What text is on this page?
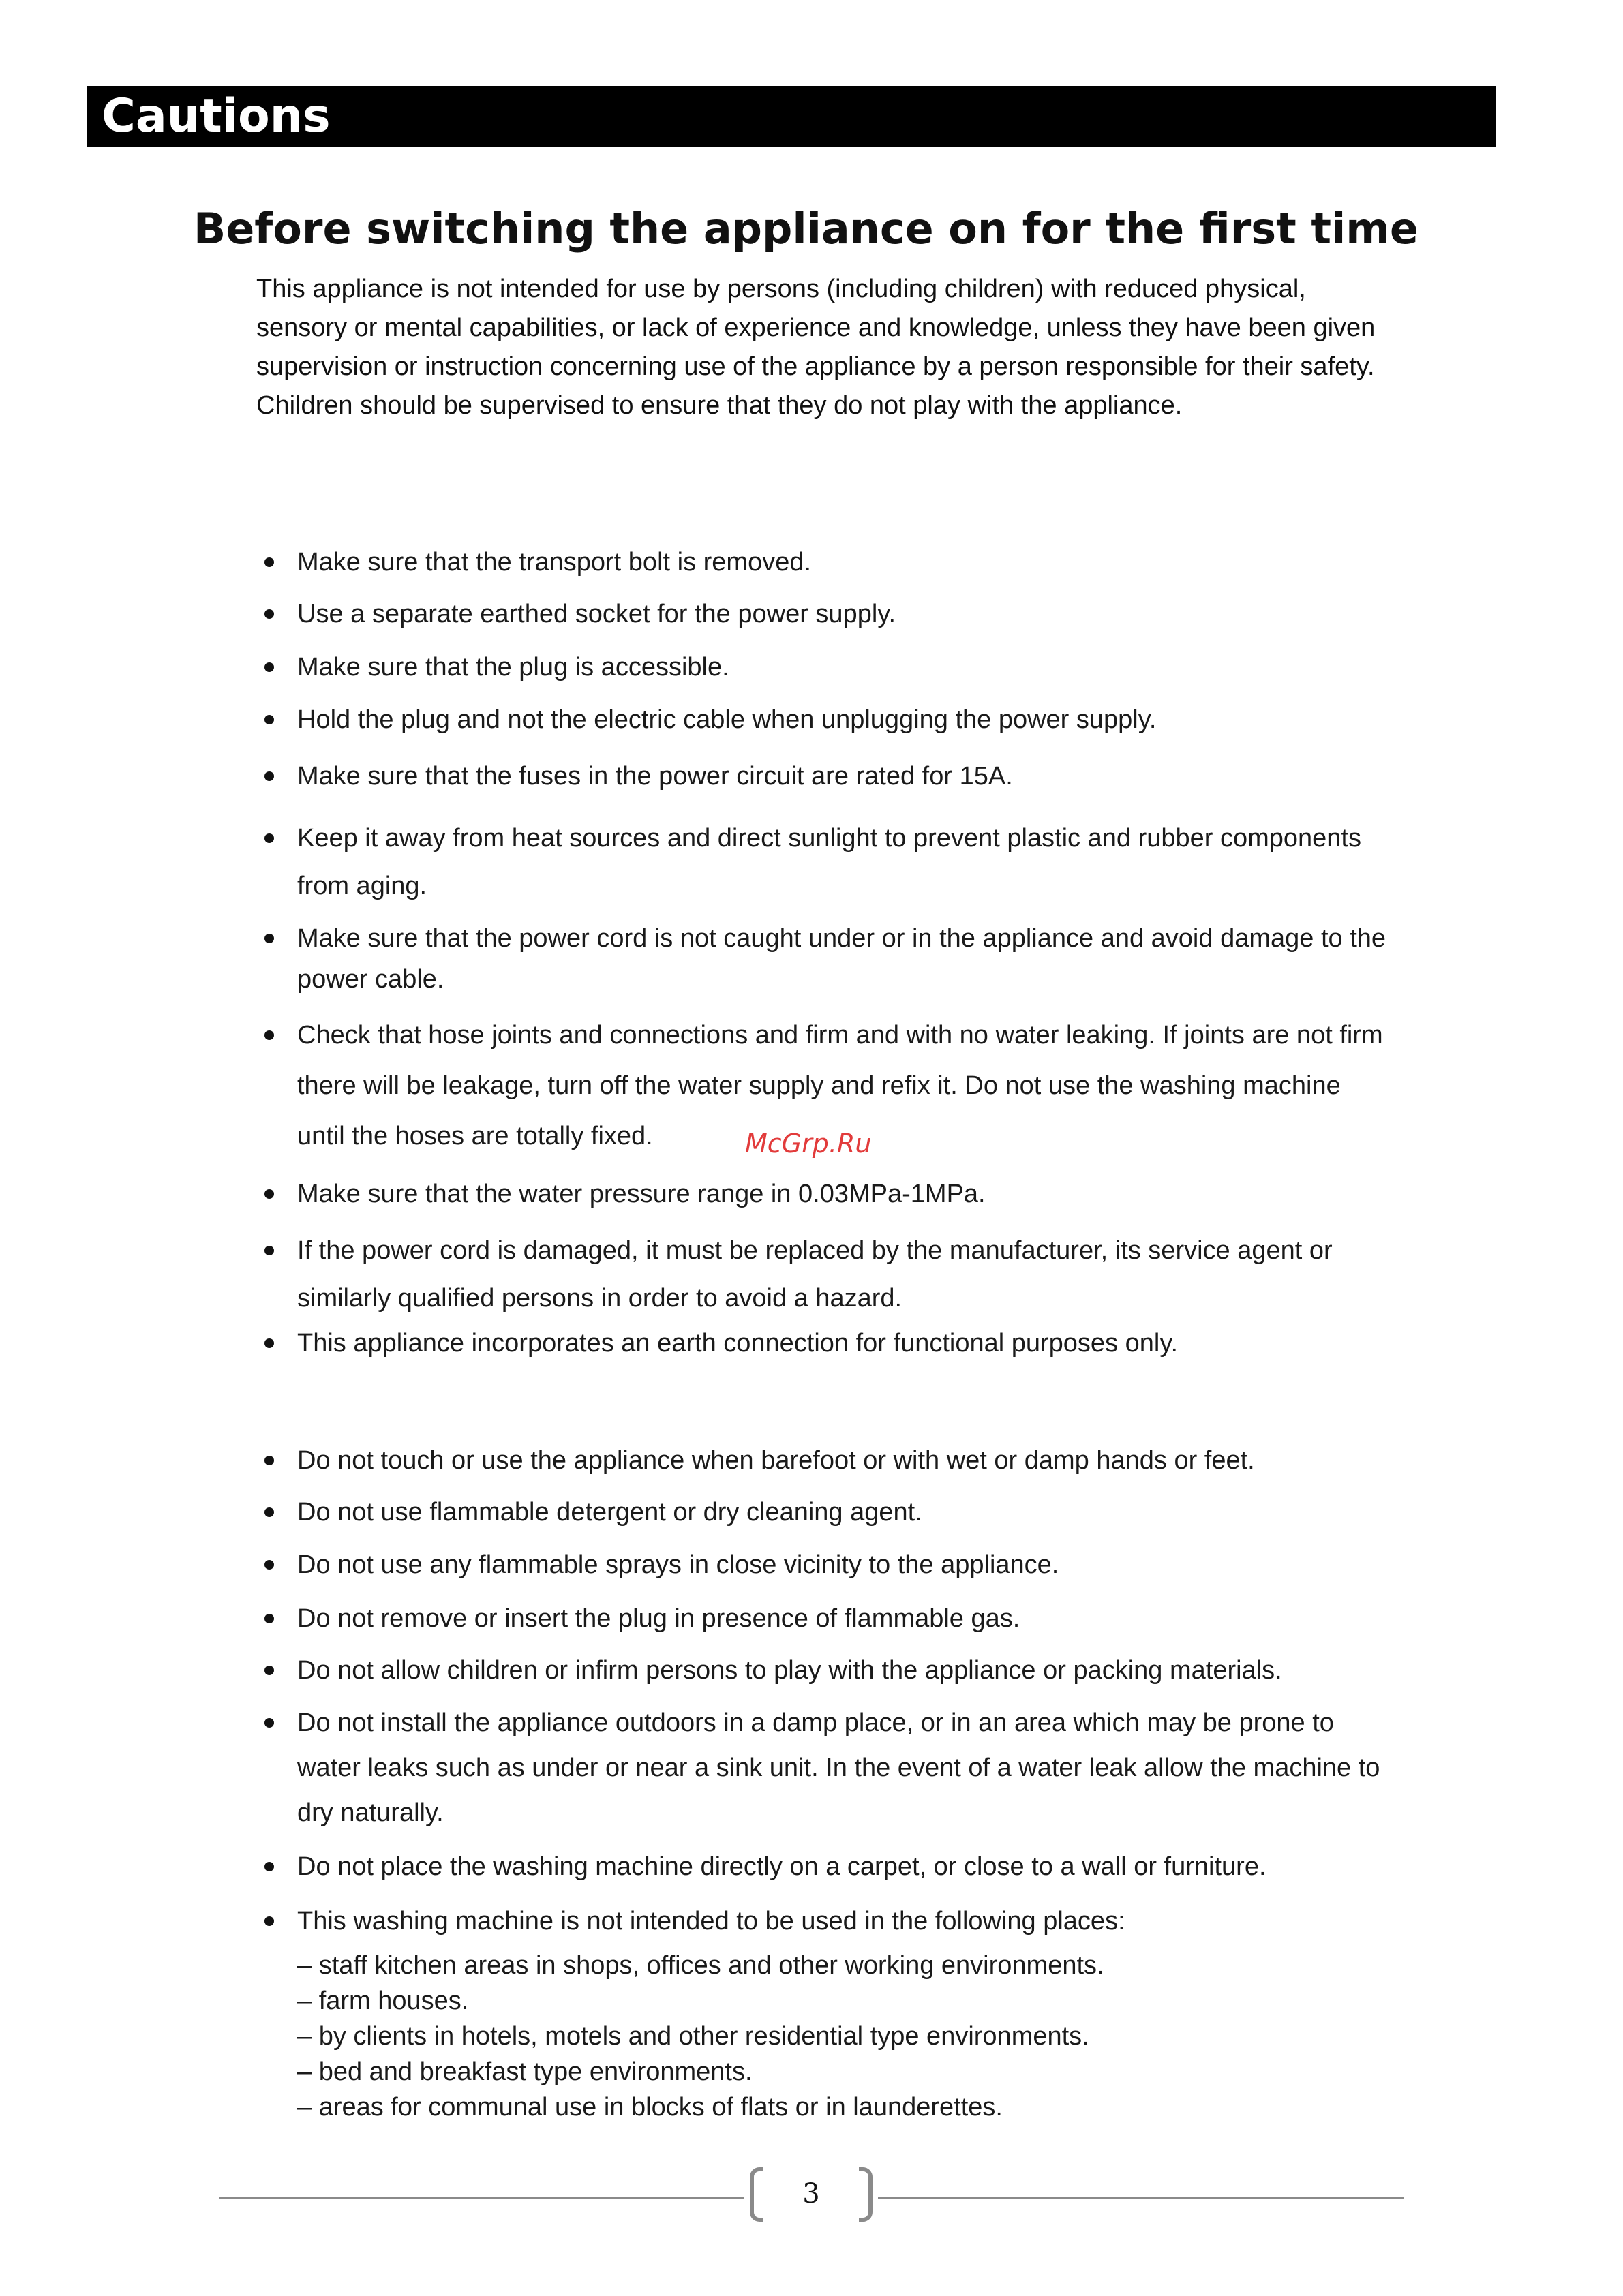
Cautions
Before switching the appliance on for the first time

This appliance is not intended for use by persons (including children) with reduced physical, sensory or mental capabilities, or lack of experience and knowledge, unless they have been given supervision or instruction concerning use of the appliance by a person responsible for their safety.

Children should be supervised to ensure that they do not play with the appliance.

Make sure that the transport bolt is removed.
Use a separate earthed socket for the power supply.
Make sure that the plug is accessible.
Hold the plug and not the electric cable when unplugging the power supply.
Make sure that the fuses in the power circuit are rated for 15A.
Keep it away from heat sources and direct sunlight to prevent plastic and rubber components from aging.
Make sure that the power cord is not caught under or in the appliance and avoid damage to the power cable.
Check that hose joints and connections and firm and with no water leaking. If joints are not firm there will be leakage, turn off the water supply and refix it. Do not use the washing machine until the hoses are totally fixed.
Make sure that the water pressure range in 0.03MPa-1MPa.
If the power cord is damaged, it must be replaced by the manufacturer, its service agent or similarly qualified persons in order to avoid a hazard.
This appliance incorporates an earth connection for functional purposes only.
Do not touch or use the appliance when barefoot or with wet or damp hands or feet.
Do not use flammable detergent or dry cleaning agent.
Do not use any flammable sprays in close vicinity to the appliance.
Do not remove or insert the plug in presence of flammable gas.
Do not allow children or infirm persons to play with the appliance or packing materials.
Do not install the appliance outdoors in a damp place, or in an area which may be prone to water leaks such as under or near a sink unit. In the event of a water leak allow the machine to dry naturally.
Do not place the washing machine directly on a carpet, or close to a wall or furniture.
This washing machine is not intended to be used in the following places:
– staff kitchen areas in shops, offices and other working environments.
– farm houses.
– by clients in hotels, motels and other residential type environments.
– bed and breakfast type environments.
– areas for communal use in blocks of flats or in launderettes.
McGrp.Ru
3
